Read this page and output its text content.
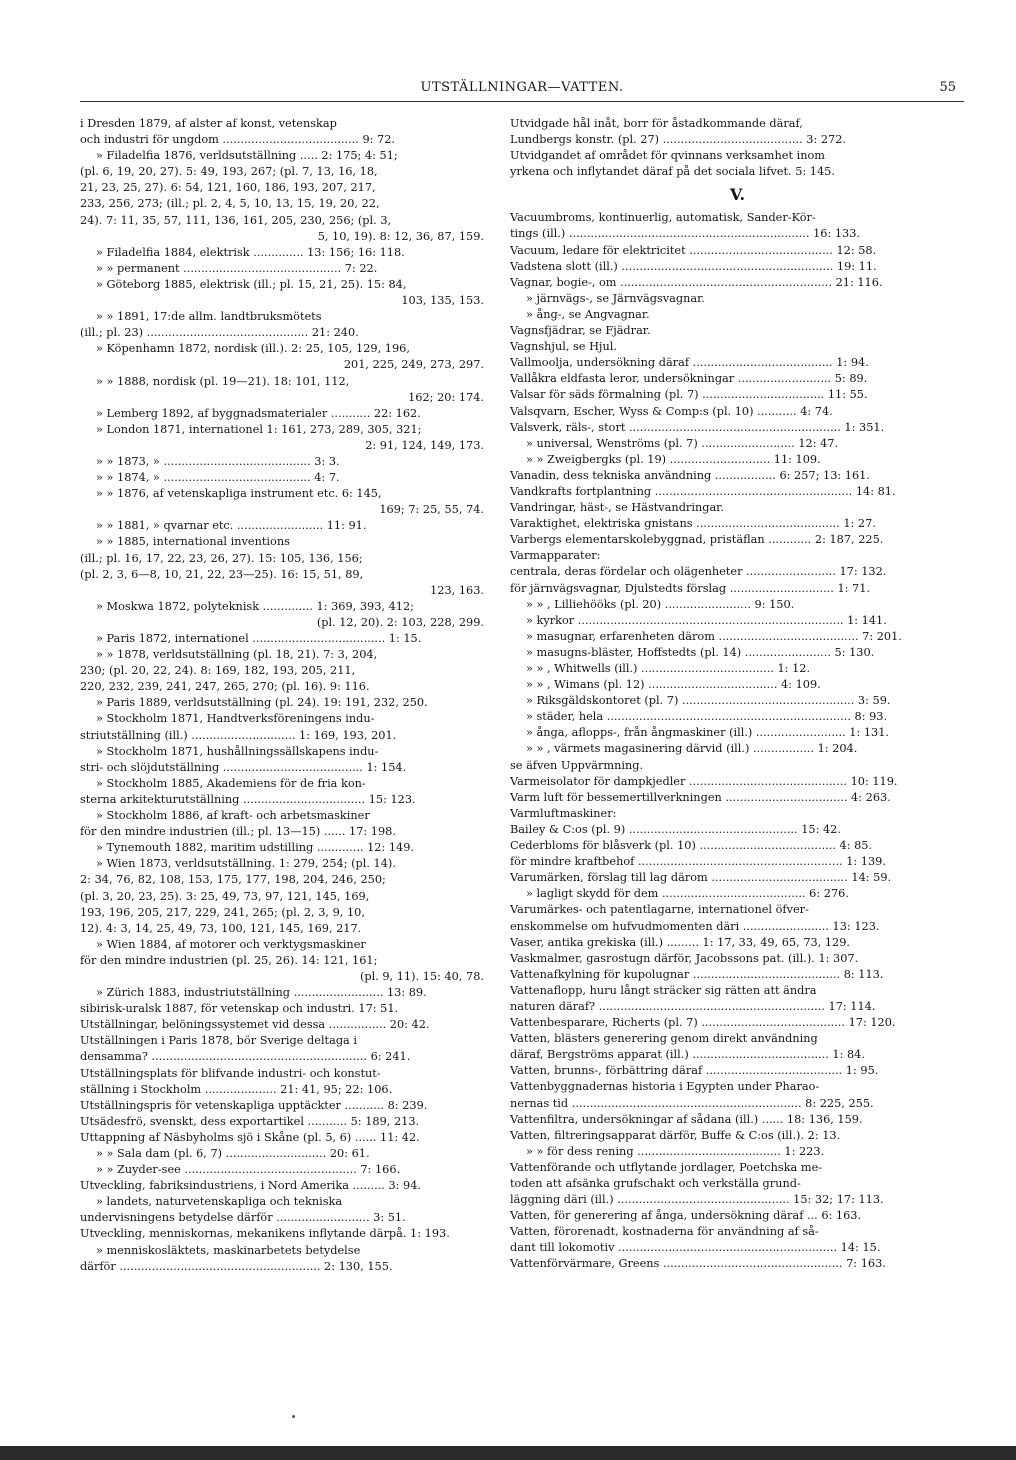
UTSTÄLLNINGAR—VATTEN.	55
i Dresden 1879, af alster af konst, vetenskap
och industri för ungdom ...................................... 9: 72.
» Filadelfia 1876, verldsutställning ..... 2: 175; 4: 51;
(pl. 6, 19, 20, 27). 5: 49, 193, 267; (pl. 7, 13, 16, 18,
21, 23, 25, 27). 6: 54, 121, 160, 186, 193, 207, 217,
233, 256, 273; (ill.; pl. 2, 4, 5, 10, 13, 15, 19, 20, 22,
24). 7: 11, 35, 57, 111, 136, 161, 205, 230, 256; (pl. 3,
5, 10, 19). 8: 12, 36, 87, 159.
» Filadelfia 1884, elektrisk .............. 13: 156; 16: 118.
» » permanent ............................................ 7: 22.
» Göteborg 1885, elektrisk (ill.; pl. 15, 21, 25). 15: 84,
103, 135, 153.
» » 1891, 17:de allm. landtbruksmötets
(ill.; pl. 23) ............................................. 21: 240.
» Köpenhamn 1872, nordisk (ill.). 2: 25, 105, 129, 196,
201, 225, 249, 273, 297.
» » 1888, nordisk (pl. 19—21). 18: 101, 112,
162; 20: 174.
» Lemberg 1892, af byggnadsmaterialer ........... 22: 162.
» London 1871, internationel 1: 161, 273, 289, 305, 321;
2: 91, 124, 149, 173.
» » 1873, » ......................................... 3: 3.
» » 1874, » ......................................... 4: 7.
» » 1876, af vetenskapliga instrument etc. 6: 145,
169; 7: 25, 55, 74.
» » 1881, » qvarnar etc. ........................ 11: 91.
» » 1885, international inventions
(ill.; pl. 16, 17, 22, 23, 26, 27). 15: 105, 136, 156;
(pl. 2, 3, 6—8, 10, 21, 22, 23—25). 16: 15, 51, 89,
123, 163.
» Moskwa 1872, polyteknisk .............. 1: 369, 393, 412;
(pl. 12, 20). 2: 103, 228, 299.
» Paris 1872, internationel ..................................... 1: 15.
» » 1878, verldsutställning (pl. 18, 21). 7: 3, 204,
230; (pl. 20, 22, 24). 8: 169, 182, 193, 205, 211,
220, 232, 239, 241, 247, 265, 270; (pl. 16). 9: 116.
» Paris 1889, verldsutställning (pl. 24). 19: 191, 232, 250.
» Stockholm 1871, Handtverksföreningens indu-
striutställning (ill.) ............................. 1: 169, 193, 201.
» Stockholm 1871, hushållningssällskapens indu-
stri- och slöjdutställning ....................................... 1: 154.
» Stockholm 1885, Akademiens för de fria kon-
sterna arkitekturutställning .................................. 15: 123.
» Stockholm 1886, af kraft- och arbetsmaskiner
för den mindre industrien (ill.; pl. 13—15) ...... 17: 198.
» Tynemouth 1882, maritim udstilling ............. 12: 149.
» Wien 1873, verldsutställning. 1: 279, 254; (pl. 14).
2: 34, 76, 82, 108, 153, 175, 177, 198, 204, 246, 250;
(pl. 3, 20, 23, 25). 3: 25, 49, 73, 97, 121, 145, 169,
193, 196, 205, 217, 229, 241, 265; (pl. 2, 3, 9, 10,
12). 4: 3, 14, 25, 49, 73, 100, 121, 145, 169, 217.
» Wien 1884, af motorer och verktygsmaskiner
för den mindre industrien (pl. 25, 26). 14: 121, 161;
(pl. 9, 11). 15: 40, 78.
» Zürich 1883, industriutställning ......................... 13: 89.
sibirisk-uralsk 1887, för vetenskap och industri. 17: 51.
Utställningar, belöningssystemet vid dessa ................ 20: 42.
Utställningen i Paris 1878, bör Sverige deltaga i
densamma? ............................................................ 6: 241.
Utställningsplats för blifvande industri- och konstut-
ställning i Stockholm .................... 21: 41, 95; 22: 106.
Utställningspris för vetenskapliga upptäckter ........... 8: 239.
Utsädesfrö, svenskt, dess exportartikel ........... 5: 189, 213.
Uttappning af Näsbyholms sjö i Skåne (pl. 5, 6) ...... 11: 42.
» » Sala dam (pl. 6, 7) ............................ 20: 61.
» » Zuyder-see ................................................ 7: 166.
Utveckling, fabriksindustriens, i Nord Amerika ......... 3: 94.
» landets, naturvetenskapliga och tekniska
undervisningens betydelse därför .......................... 3: 51.
Utveckling, menniskornas, mekanikens inflytande därpå. 1: 193.
» menniskosläktets, maskinarbetets betydelse
därför ........................................................ 2: 130, 155.
Utvidgade hål inåt, borr för åstadkommande däraf,
Lundbergs konstr. (pl. 27) ....................................... 3: 272.
Utvidgandet af området för qvinnans verksamhet inom
yrkena och inflytandet däraf på det sociala lifvet. 5: 145.
V.
Vacuumbroms, kontinuerlig, automatisk, Sander-Kör-
tings (ill.) ................................................................... 16: 133.
Vacuum, ledare för elektricitet ........................................ 12: 58.
Vadstena slott (ill.) ........................................................... 19: 11.
Vagnar, bogie-, om ........................................................... 21: 116.
» järnvägs-, se Järnvägsvagnar.
» ång-, se Angvagnar.
Vagnsfjädrar, se Fjädrar.
Vagnshjul, se Hjul.
Vallmoolja, undersökning däraf ....................................... 1: 94.
Vallåkra eldfasta leror, undersökningar .......................... 5: 89.
Valsar för säds förmalning (pl. 7) .................................. 11: 55.
Valsqvarn, Escher, Wyss & Comp:s (pl. 10) ........... 4: 74.
Valsverk, räls-, stort ........................................................... 1: 351.
» universal, Wenströms (pl. 7) .......................... 12: 47.
» » Zweigbergks (pl. 19) ............................ 11: 109.
Vanadin, dess tekniska användning ................. 6: 257; 13: 161.
Vandkrafts fortplantning ....................................................... 14: 81.
Vandringar, häst-, se Hästvandringar.
Varaktighet, elektriska gnistans ........................................ 1: 27.
Varbergs elementarskolebyggnad, pristäflan ............ 2: 187, 225.
Varmapparater:
centrala, deras fördelar och olägenheter ......................... 17: 132.
för järnvägsvagnar, Djulstedts förslag ............................. 1: 71.
» » , Lilliehööks (pl. 20) ........................ 9: 150.
» kyrkor .......................................................................... 1: 141.
» masugnar, erfarenheten därom ....................................... 7: 201.
» masugns-bläster, Hoffstedts (pl. 14) ........................ 5: 130.
» » , Whitwells (ill.) ..................................... 1: 12.
» » , Wimans (pl. 12) .................................... 4: 109.
» Riksgäldskontoret (pl. 7) ................................................ 3: 59.
» städer, hela .................................................................... 8: 93.
» ånga, aflopps-, från ångmaskiner (ill.) ......................... 1: 131.
» » , värmets magasinering därvid (ill.) ................. 1: 204.
se äfven Uppvärmning.
Varmeisolator för dampkjedler ............................................ 10: 119.
Varm luft för bessemertillverkningen .................................. 4: 263.
Varmluftmaskiner:
Bailey & C:os (pl. 9) ............................................... 15: 42.
Cederbloms för blåsverk (pl. 10) ...................................... 4: 85.
för mindre kraftbehof ......................................................... 1: 139.
Varumärken, förslag till lag därom ...................................... 14: 59.
» lagligt skydd för dem ........................................ 6: 276.
Varumärkes- och patentlagarne, internationel öfver-
enskommelse om hufvudmomenten däri ........................ 13: 123.
Vaser, antika grekiska (ill.) ......... 1: 17, 33, 49, 65, 73, 129.
Vaskmalmer, gasrostugn därför, Jacobssons pat. (ill.). 1: 307.
Vattenafkylning för kupolugnar ......................................... 8: 113.
Vattenaflopp, huru långt sträcker sig rätten att ändra
naturen däraf? ............................................................... 17: 114.
Vattenbesparare, Richerts (pl. 7) ........................................ 17: 120.
Vatten, blästers generering genom direkt användning
däraf, Bergströms apparat (ill.) ...................................... 1: 84.
Vatten, brunns-, förbättring däraf ...................................... 1: 95.
Vattenbyggnadernas historia i Egypten under Pharao-
nernas tid ................................................................ 8: 225, 255.
Vattenfiltra, undersökningar af sådana (ill.) ...... 18: 136, 159.
Vatten, filtreringsapparat därför, Buffe & C:os (ill.). 2: 13.
» » för dess rening ........................................ 1: 223.
Vattenförande och utflytande jordlager, Poetchska me-
toden att afsänka grufschakt och verkställa grund-
läggning däri (ill.) ................................................ 15: 32; 17: 113.
Vatten, för generering af ånga, undersökning däraf ... 6: 163.
Vatten, förorenadt, kostnaderna för användning af så-
dant till lokomotiv ............................................................. 14: 15.
Vattenförvärmare, Greens .................................................. 7: 163.
